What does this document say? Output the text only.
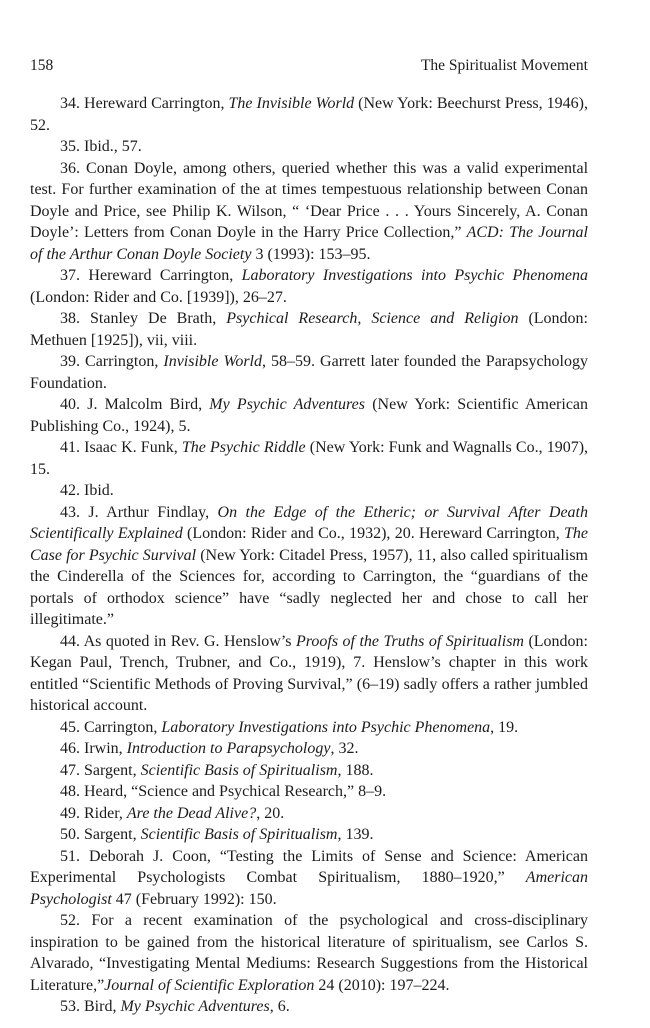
158	The Spiritualist Movement

34. Hereward Carrington, The Invisible World (New York: Beechurst Press, 1946), 52.

35. Ibid., 57.

36. Conan Doyle, among others, queried whether this was a valid experimental test. For further examination of the at times tempestuous relationship between Conan Doyle and Price, see Philip K. Wilson, “ ‘Dear Price . . . Yours Sincerely, A. Conan Doyle’: Letters from Conan Doyle in the Harry Price Collection,” ACD: The Journal of the Arthur Conan Doyle Society 3 (1993): 153–95.

37. Hereward Carrington, Laboratory Investigations into Psychic Phenomena (London: Rider and Co. [1939]), 26–27.

38. Stanley De Brath, Psychical Research, Science and Religion (London: Methuen [1925]), vii, viii.

39. Carrington, Invisible World, 58–59. Garrett later founded the Parapsychology Foundation.

40. J. Malcolm Bird, My Psychic Adventures (New York: Scientific American Publishing Co., 1924), 5.

41. Isaac K. Funk, The Psychic Riddle (New York: Funk and Wagnalls Co., 1907), 15.

42. Ibid.

43. J. Arthur Findlay, On the Edge of the Etheric; or Survival After Death Scientifically Explained (London: Rider and Co., 1932), 20. Hereward Carrington, The Case for Psychic Survival (New York: Citadel Press, 1957), 11, also called spiritualism the Cinderella of the Sciences for, according to Carrington, the “guardians of the portals of orthodox science” have “sadly neglected her and chose to call her illegitimate.”

44. As quoted in Rev. G. Henslow’s Proofs of the Truths of Spiritualism (London: Kegan Paul, Trench, Trubner, and Co., 1919), 7. Henslow’s chapter in this work entitled “Scientific Methods of Proving Survival,” (6–19) sadly offers a rather jumbled historical account.

45. Carrington, Laboratory Investigations into Psychic Phenomena, 19.

46. Irwin, Introduction to Parapsychology, 32.

47. Sargent, Scientific Basis of Spiritualism, 188.

48. Heard, “Science and Psychical Research,” 8–9.

49. Rider, Are the Dead Alive?, 20.

50. Sargent, Scientific Basis of Spiritualism, 139.

51. Deborah J. Coon, “Testing the Limits of Sense and Science: American Experimental Psychologists Combat Spiritualism, 1880–1920,” American Psychologist 47 (February 1992): 150.

52. For a recent examination of the psychological and cross-disciplinary inspiration to be gained from the historical literature of spiritualism, see Carlos S. Alvarado, “Investigating Mental Mediums: Research Suggestions from the Historical Literature,”Journal of Scientific Exploration 24 (2010): 197–224.

53. Bird, My Psychic Adventures, 6.
